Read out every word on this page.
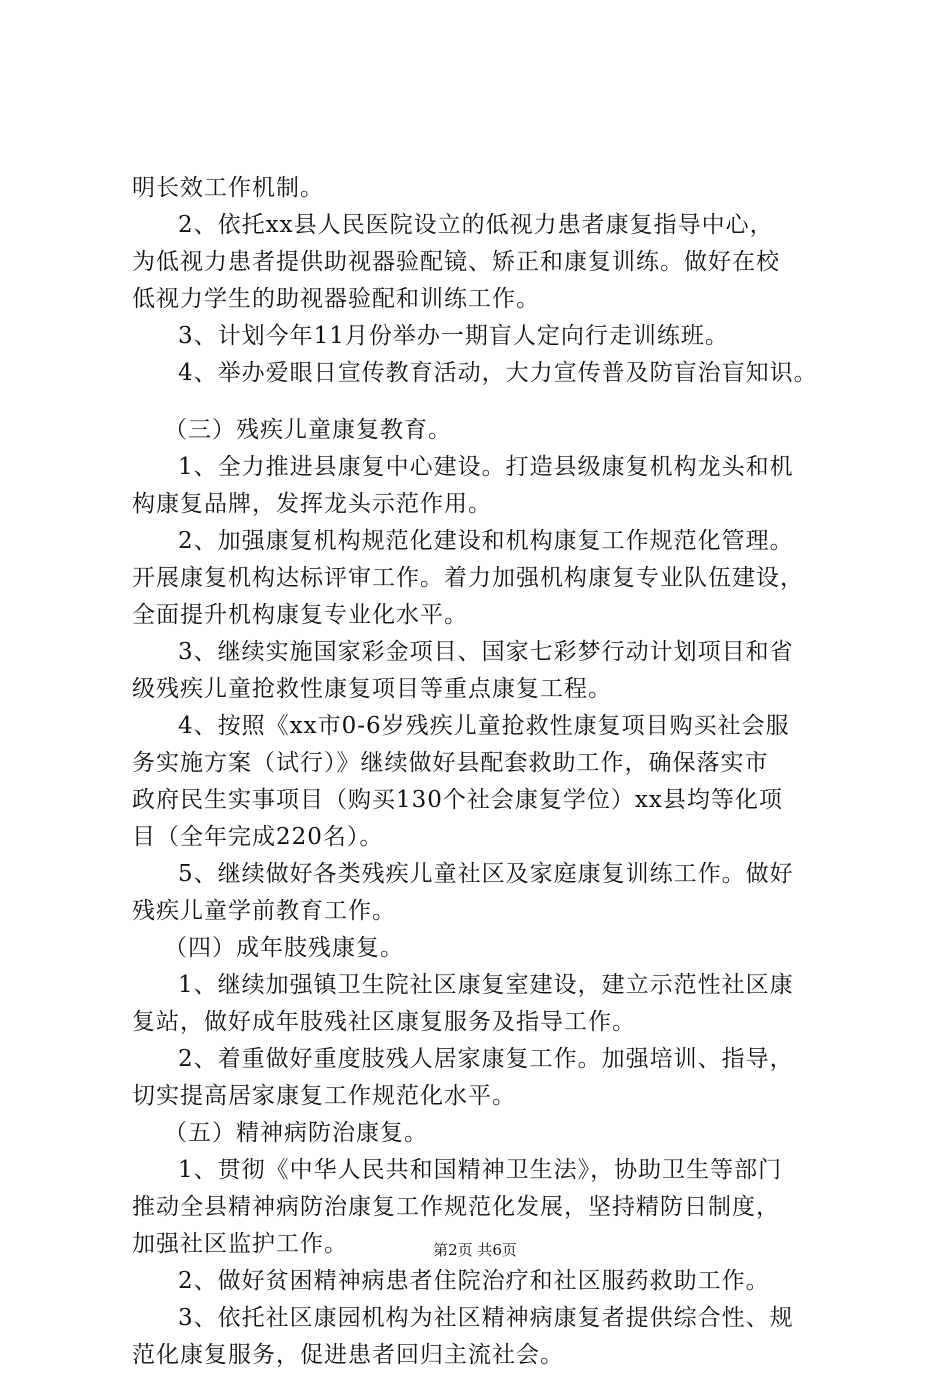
明长效工作机制。
2、依托xx县人民医院设立的低视力患者康复指导中心，
为低视力患者提供助视器验配镜、矫正和康复训练。做好在校
低视力学生的助视器验配和训练工作。
3、计划今年11月份举办一期盲人定向行走训练班。
4、举办爱眼日宣传教育活动，大力宣传普及防盲治盲知识。
（三）残疾儿童康复教育。
1、全力推进县康复中心建设。打造县级康复机构龙头和机
构康复品牌，发挥龙头示范作用。
2、加强康复机构规范化建设和机构康复工作规范化管理。
开展康复机构达标评审工作。着力加强机构康复专业队伍建设，
全面提升机构康复专业化水平。
3、继续实施国家彩金项目、国家七彩梦行动计划项目和省
级残疾儿童抢救性康复项目等重点康复工程。
4、按照《xx市0-6岁残疾儿童抢救性康复项目购买社会服
务实施方案（试行）》继续做好县配套救助工作，确保落实市
政府民生实事项目（购买130个社会康复学位）xx县均等化项
目（全年完成220名）。
5、继续做好各类残疾儿童社区及家庭康复训练工作。做好
残疾儿童学前教育工作。
（四）成年肢残康复。
1、继续加强镇卫生院社区康复室建设，建立示范性社区康
复站，做好成年肢残社区康复服务及指导工作。
2、着重做好重度肢残人居家康复工作。加强培训、指导，
切实提高居家康复工作规范化水平。
（五）精神病防治康复。
1、贯彻《中华人民共和国精神卫生法》，协助卫生等部门
推动全县精神病防治康复工作规范化发展，坚持精防日制度，
加强社区监护工作。
2、做好贫困精神病患者住院治疗和社区服药救助工作。
3、依托社区康园机构为社区精神病康复者提供综合性、规
范化康复服务，促进患者回归主流社会。
第2页 共6页
